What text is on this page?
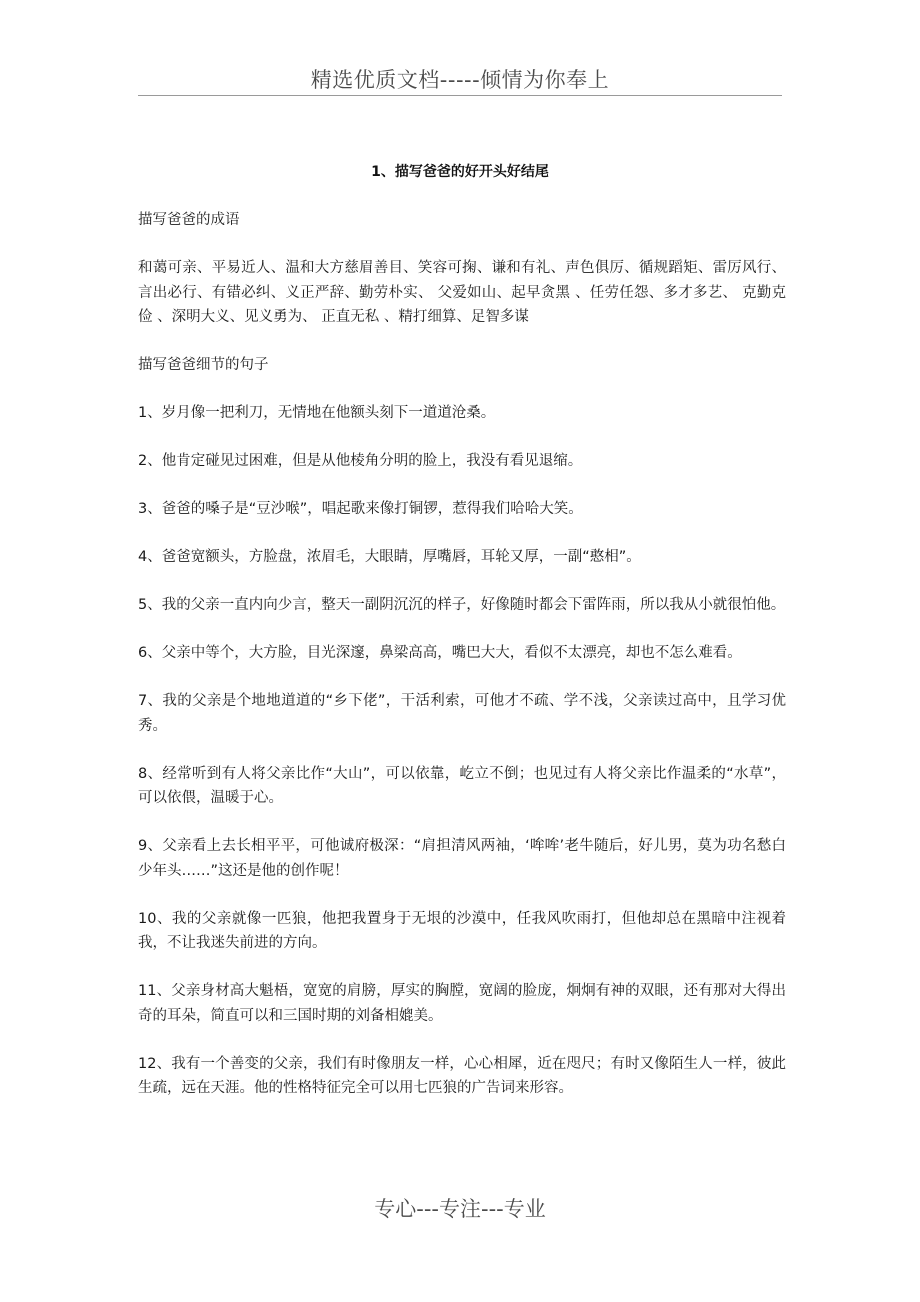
精选优质文档-----倾情为你奉上
1、描写爸爸的好开头好结尾

描写爸爸的成语

和蔼可亲、平易近人、温和大方慈眉善目、笑容可掬、谦和有礼、声色俱厉、循规蹈矩、雷厉风行、言出必行、有错必纠、义正严辞、勤劳朴实、 父爱如山、起早贪黑 、任劳任怨、多才多艺、 克勤克俭 、深明大义、见义勇为、 正直无私 、精打细算、足智多谋

描写爸爸细节的句子

1、岁月像一把利刀，无情地在他额头刻下一道道沧桑。

2、他肯定碰见过困难，但是从他棱角分明的脸上，我没有看见退缩。

3、爸爸的嗓子是“豆沙喉”，唱起歌来像打铜锣，惹得我们哈哈大笑。

4、爸爸宽额头，方脸盘，浓眉毛，大眼睛，厚嘴唇，耳轮又厚，一副“憨相”。

5、我的父亲一直内向少言，整天一副阴沉沉的样子，好像随时都会下雷阵雨，所以我从小就很怕他。

6、父亲中等个，大方脸，目光深邃，鼻梁高高，嘴巴大大，看似不太漂亮，却也不怎么难看。

7、我的父亲是个地地道道的“乡下佬”，干活利索，可他才不疏、学不浅，父亲读过高中，且学习优秀。

8、经常听到有人将父亲比作“大山”，可以依靠，屹立不倒；也见过有人将父亲比作温柔的“水草”，可以依偎，温暖于心。

9、父亲看上去长相平平，可他诚府极深：“肩担清风两袖，‘哞哞’老牛随后，好儿男，莫为功名愁白少年头……”这还是他的创作呢！

10、我的父亲就像一匹狼，他把我置身于无垠的沙漠中，任我风吹雨打，但他却总在黑暗中注视着我，不让我迷失前进的方向。

11、父亲身材高大魁梧，宽宽的肩膀，厚实的胸膛，宽阔的脸庞，炯炯有神的双眼，还有那对大得出奇的耳朵，简直可以和三国时期的刘备相媲美。

12、我有一个善变的父亲，我们有时像朋友一样，心心相犀，近在咫尺；有时又像陌生人一样，彼此生疏，远在天涯。他的性格特征完全可以用七匹狼的广告词来形容。

专心---专注---专业
